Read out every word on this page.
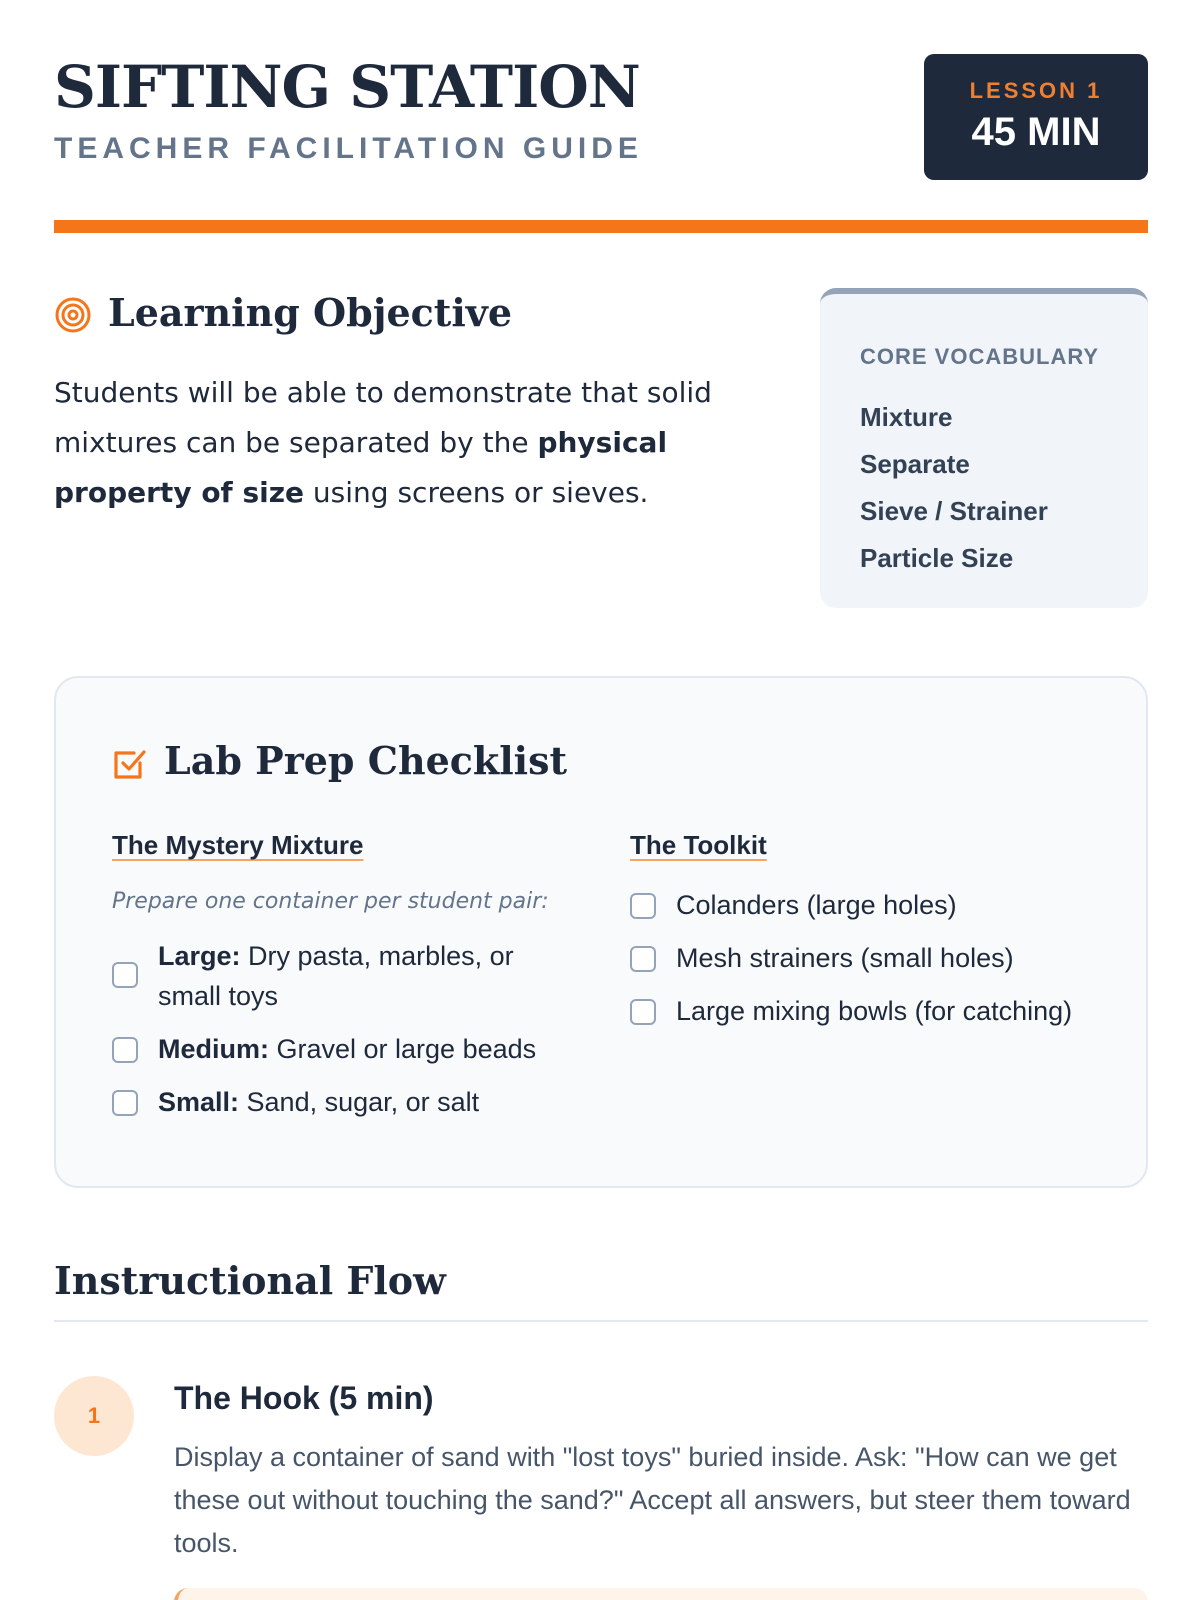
SIFTING STATION
TEACHER FACILITATION GUIDE
LESSON 1
45 MIN
Learning Objective

Students will be able to demonstrate that solid mixtures can be separated by the physical property of size using screens or sieves.

CORE VOCABULARY
Mixture
Separate
Sieve / Strainer
Particle Size
Lab Prep Checklist
The Mystery Mixture
Prepare one container per student pair:
Large: Dry pasta, marbles, or small toys
Medium: Gravel or large beads
Small: Sand, sugar, or salt
The Toolkit
Colanders (large holes)
Mesh strainers (small holes)
Large mixing bowls (for catching)
Instructional Flow
1	The Hook (5 min)
Display a container of sand with "lost toys" buried inside. Ask: "How can we get these out without touching the sand?" Accept all answers, but steer them toward tools.
